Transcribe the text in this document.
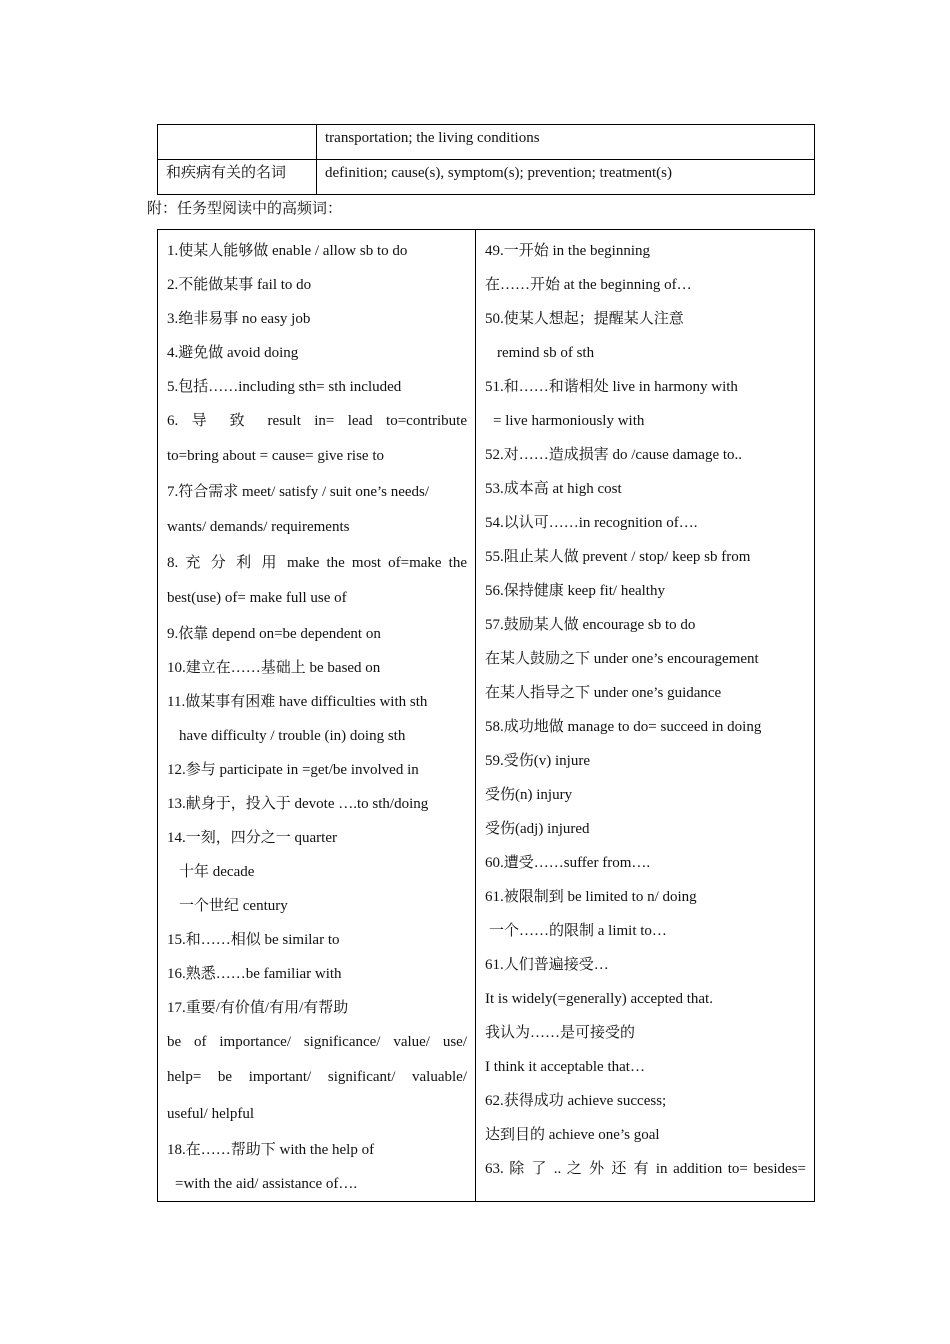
	transportation; the living conditions
和疾病有关的名词	definition; cause(s), symptom(s); prevention; treatment(s)
附：任务型阅读中的高频词：
1.使某人能够做 enable / allow sb to do
2.不能做某事 fail to do
3.绝非易事 no easy job
4.避免做 avoid doing
5.包括……including sth= sth included
6. 导 致 result in= lead to=contribute
to=bring about = cause= give rise to
7.符合需求 meet/ satisfy / suit one’s needs/
wants/ demands/ requirements
8. 充 分 利 用 make the most of=make the
best(use) of= make full use of
9.依靠 depend on=be dependent on
10.建立在……基础上 be based on
11.做某事有困难 have difficulties with sth
have difficulty / trouble (in) doing sth
12.参与 participate in =get/be involved in
13.献身于，投入于 devote ….to sth/doing
14.一刻，四分之一 quarter
十年 decade
一个世纪 century
15.和……相似 be similar to
16.熟悉……be familiar with
17.重要/有价值/有用/有帮助
be of importance/ significance/ value/ use/
help= be important/ significant/ valuable/
useful/ helpful
18.在……帮助下 with the help of
=with the aid/ assistance of….

49.一开始 in the beginning
在……开始 at the beginning of…
50.使某人想起；提醒某人注意
remind sb of sth
51.和……和谐相处 live in harmony with
= live harmoniously with
52.对……造成损害 do /cause damage to..
53.成本高 at high cost
54.以认可……in recognition of….
55.阻止某人做 prevent / stop/ keep sb from
56.保持健康 keep fit/ healthy
57.鼓励某人做 encourage sb to do
在某人鼓励之下 under one’s encouragement
在某人指导之下 under one’s guidance
58.成功地做 manage to do= succeed in doing
59.受伤(v) injure
受伤(n) injury
受伤(adj) injured
60.遭受……suffer from….
61.被限制到 be limited to n/ doing
一个……的限制 a limit to…
61.人们普遍接受…
It is widely(=generally) accepted that.
我认为……是可接受的
I think it acceptable that…
62.获得成功 achieve success;
达到目的 achieve one’s goal
63. 除 了 .. 之 外 还 有 in addition to= besides=
